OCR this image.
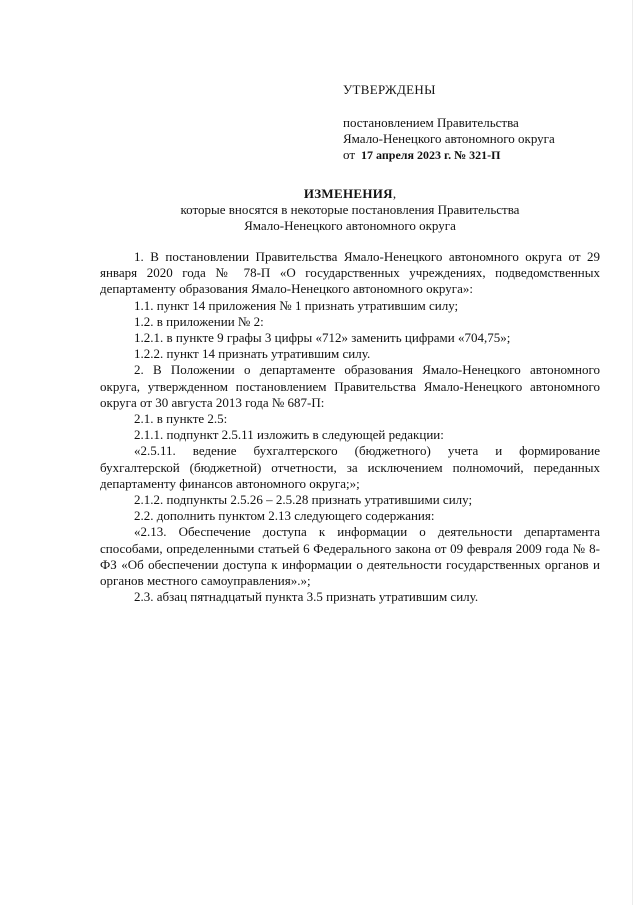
УТВЕРЖДЕНЫ
постановлением Правительства
Ямало-Ненецкого автономного округа
от 17 апреля 2023 г. № 321-П
ИЗМЕНЕНИЯ,
которые вносятся в некоторые постановления Правительства
Ямало-Ненецкого автономного округа

1. В постановлении Правительства Ямало-Ненецкого автономного округа от 29 января 2020 года № 78-П «О государственных учреждениях, подведомственных департаменту образования Ямало-Ненецкого автономного округа»:

1.1. пункт 14 приложения № 1 признать утратившим силу;

1.2. в приложении № 2:

1.2.1. в пункте 9 графы 3 цифры «712» заменить цифрами «704,75»;

1.2.2. пункт 14 признать утратившим силу.

2. В Положении о департаменте образования Ямало-Ненецкого автономного округа, утвержденном постановлением Правительства Ямало-Ненецкого автономного округа от 30 августа 2013 года № 687-П:

2.1. в пункте 2.5:

2.1.1. подпункт 2.5.11 изложить в следующей редакции:

«2.5.11. ведение бухгалтерского (бюджетного) учета и формирование бухгалтерской (бюджетной) отчетности, за исключением полномочий, переданных департаменту финансов автономного округа;»;

2.1.2. подпункты 2.5.26 – 2.5.28 признать утратившими силу;

2.2. дополнить пунктом 2.13 следующего содержания:

«2.13. Обеспечение доступа к информации о деятельности департамента способами, определенными статьей 6 Федерального закона от 09 февраля 2009 года № 8-ФЗ «Об обеспечении доступа к информации о деятельности государственных органов и органов местного самоуправления».»;

2.3. абзац пятнадцатый пункта 3.5 признать утратившим силу.
